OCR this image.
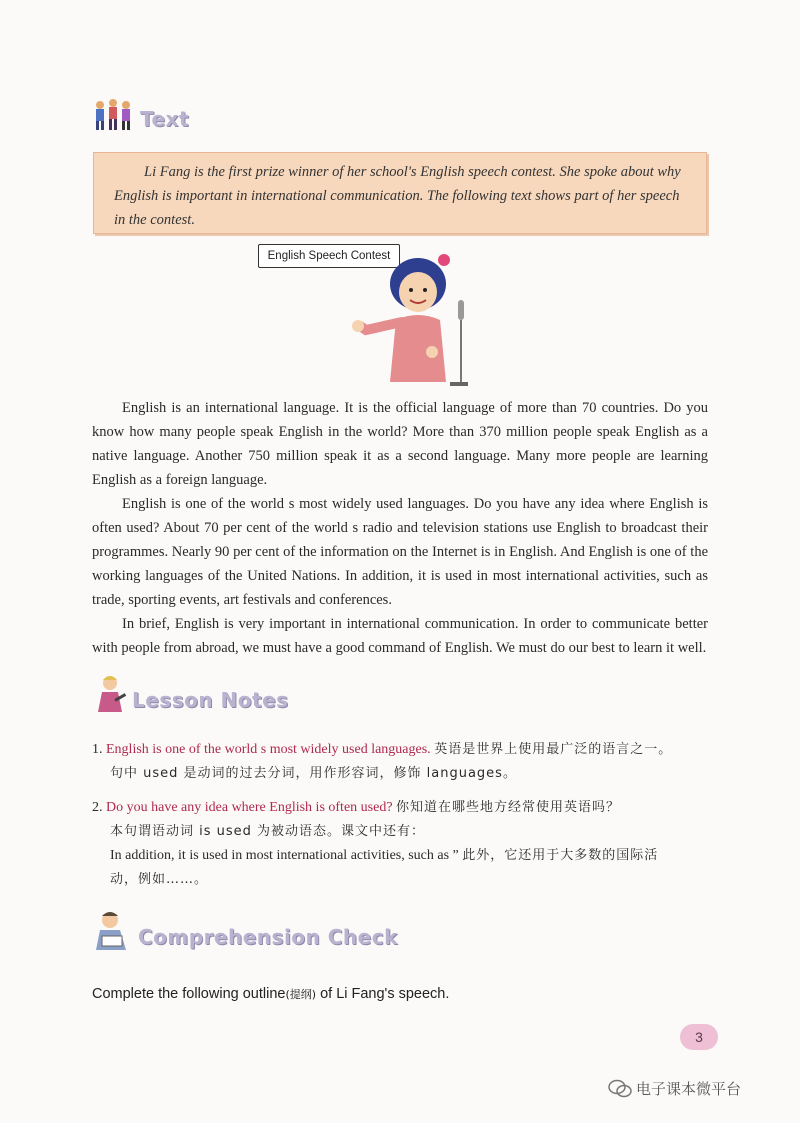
Text

Li Fang is the first prize winner of her school's English speech contest. She spoke about why English is important in international communication. The following text shows part of her speech in the contest.

English Speech Contest

English is an international language. It is the official language of more than 70 countries. Do you know how many people speak English in the world? More than 370 million people speak English as a native language. Another 750 million speak it as a second language. Many more people are learning English as a foreign language.

English is one of the world s most widely used languages. Do you have any idea where English is often used? About 70 per cent of the world s radio and television stations use English to broadcast their programmes. Nearly 90 per cent of the information on the Internet is in English. And English is one of the working languages of the United Nations. In addition, it is used in most international activities, such as trade, sporting events, art festivals and conferences.

In brief, English is very important in international communication. In order to communicate better with people from abroad, we must have a good command of English. We must do our best to learn it well.

Lesson Notes
1. English is one of the world s most widely used languages. 英语是世界上使用最广泛的语言之一。
句中 used 是动词的过去分词，用作形容词，修饰 languages。
2. Do you have any idea where English is often used? 你知道在哪些地方经常使用英语吗？
本句谓语动词 is used 为被动语态。课文中还有：
In addition, it is used in most international activities, such as ” 此外，它还用于大多数的国际活
动，例如……。
Comprehension Check
Complete the following outline(提纲) of Li Fang's speech.
3
电子课本微平台
